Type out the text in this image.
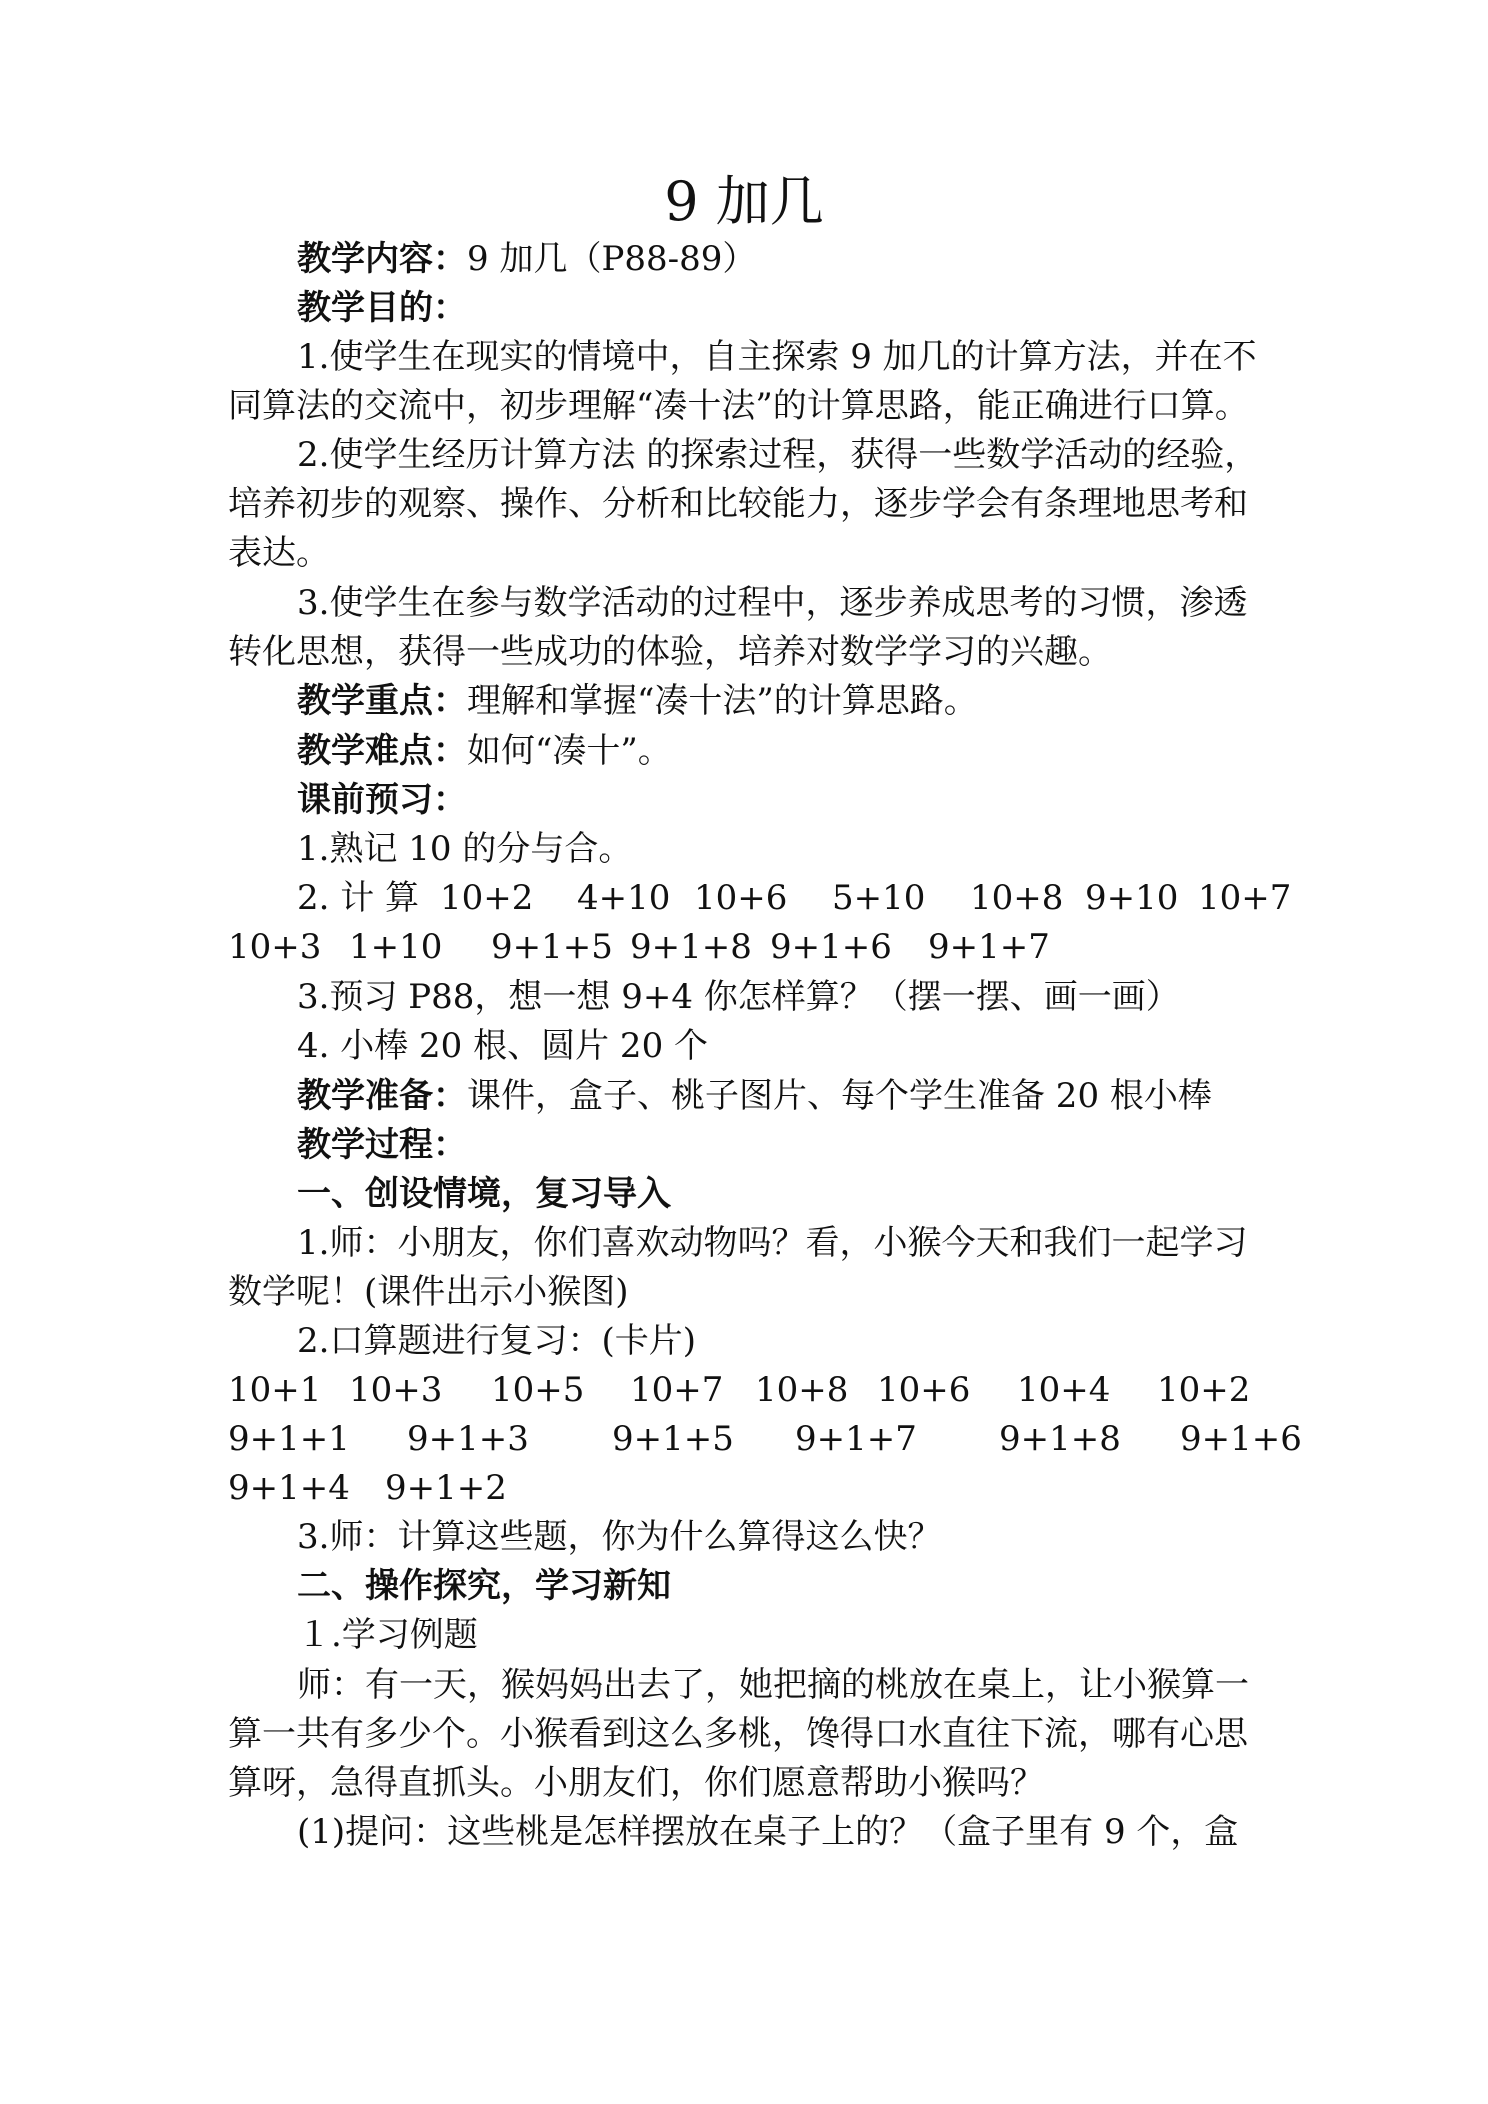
9 加几
教学内容：9 加几（P88-89）
教学目的：
1.使学生在现实的情境中，自主探索 9 加几的计算方法，并在不
同算法的交流中，初步理解“凑十法”的计算思路，能正确进行口算。
2.使学生经历计算方法 的探索过程，获得一些数学活动的经验，
培养初步的观察、操作、分析和比较能力，逐步学会有条理地思考和
表达。
3.使学生在参与数学活动的过程中，逐步养成思考的习惯，渗透
转化思想，获得一些成功的体验，培养对数学学习的兴趣。
教学重点：理解和掌握“凑十法”的计算思路。
教学难点：如何“凑十”。
课前预习：
1.熟记 10 的分与合。
2. 计 算 10+2 4+10 10+6 5+10 10+8 9+10 10+7
10+3 1+10 9+1+5 9+1+8 9+1+6 9+1+7
3.预习 P88，想一想 9+4 你怎样算？（摆一摆、画一画）
4. 小棒 20 根、圆片 20 个
教学准备：课件，盒子、桃子图片、每个学生准备 20 根小棒
教学过程：
一、创设情境，复习导入
1.师：小朋友，你们喜欢动物吗？看，小猴今天和我们一起学习
数学呢！(课件出示小猴图)
2.口算题进行复习：(卡片)
10+1 10+3 10+5 10+7 10+8 10+6 10+4 10+2
9+1+1 9+1+3 9+1+5 9+1+7 9+1+8 9+1+6
9+1+4 9+1+2
3.师：计算这些题，你为什么算得这么快？
二、操作探究，学习新知
１.学习例题
师：有一天，猴妈妈出去了，她把摘的桃放在桌上，让小猴算一
算一共有多少个。小猴看到这么多桃，馋得口水直往下流，哪有心思
算呀，急得直抓头。小朋友们，你们愿意帮助小猴吗？
(1)提问：这些桃是怎样摆放在桌子上的？（盒子里有 9 个，盒
